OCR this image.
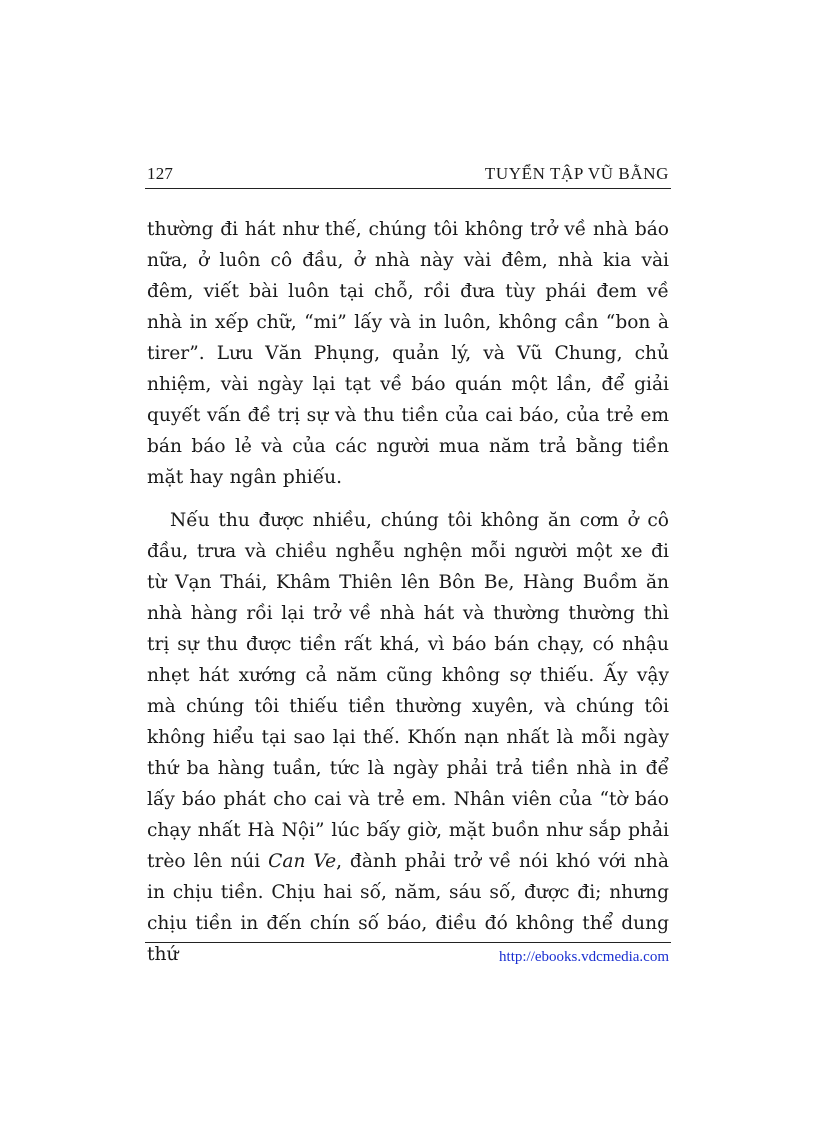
127	TUYỂN TẬP VŨ BẰNG

thường đi hát như thế, chúng tôi không trở về nhà báo nữa, ở luôn cô đầu, ở nhà này vài đêm, nhà kia vài đêm, viết bài luôn tại chỗ, rồi đưa tùy phái đem về nhà in xếp chữ, “mi” lấy và in luôn, không cần “bon à tirer”. Lưu Văn Phụng, quản lý, và Vũ Chung, chủ nhiệm, vài ngày lại tạt về báo quán một lần, để giải quyết vấn đề trị sự và thu tiền của cai báo, của trẻ em bán báo lẻ và của các người mua năm trả bằng tiền mặt hay ngân phiếu.

Nếu thu được nhiều, chúng tôi không ăn cơm ở cô đầu, trưa và chiều nghễu nghện mỗi người một xe đi từ Vạn Thái, Khâm Thiên lên Bôn Be, Hàng Buồm ăn nhà hàng rồi lại trở về nhà hát và thường thường thì trị sự thu được tiền rất khá, vì báo bán chạy, có nhậu nhẹt hát xướng cả năm cũng không sợ thiếu. Ấy vậy mà chúng tôi thiếu tiền thường xuyên, và chúng tôi không hiểu tại sao lại thế. Khốn nạn nhất là mỗi ngày thứ ba hàng tuần, tức là ngày phải trả tiền nhà in để lấy báo phát cho cai và trẻ em. Nhân viên của “tờ báo chạy nhất Hà Nội” lúc bấy giờ, mặt buồn như sắp phải trèo lên núi Can Ve, đành phải trở về nói khó với nhà in chịu tiền. Chịu hai số, năm, sáu số, được đi; nhưng chịu tiền in đến chín số báo, điều đó không thể dung thứ	http://ebooks.vdcmedia.com
